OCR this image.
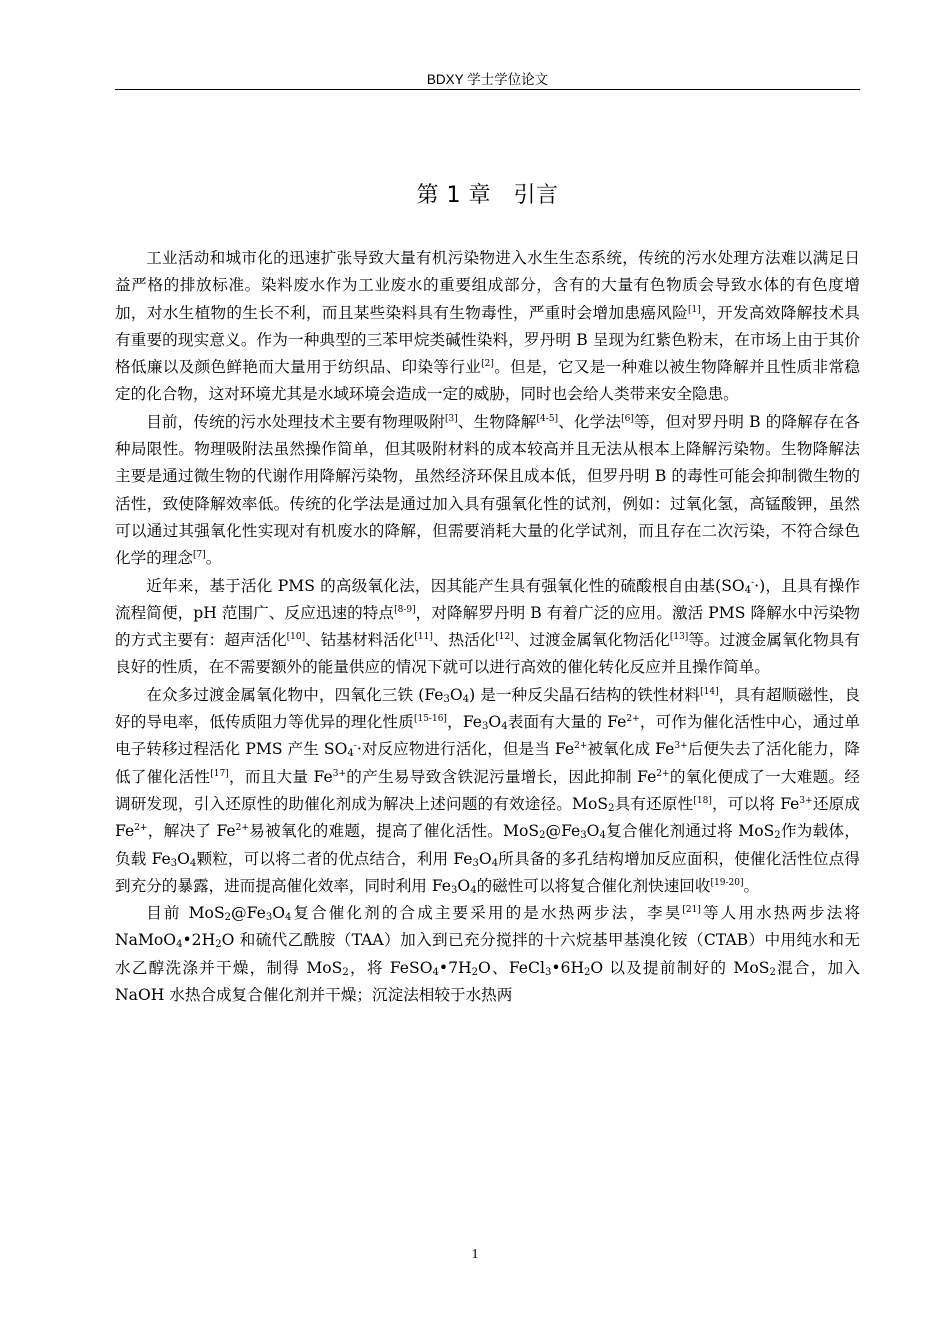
BDXY 学士学位论文
第 1 章　引言

工业活动和城市化的迅速扩张导致大量有机污染物进入水生生态系统，传统的污水处理方法难以满足日益严格的排放标准。染料废水作为工业废水的重要组成部分，含有的大量有色物质会导致水体的有色度增加，对水生植物的生长不利，而且某些染料具有生物毒性，严重时会增加患癌风险[1]，开发高效降解技术具有重要的现实意义。作为一种典型的三苯甲烷类碱性染料，罗丹明 B 呈现为红紫色粉末，在市场上由于其价格低廉以及颜色鲜艳而大量用于纺织品、印染等行业[2]。但是，它又是一种难以被生物降解并且性质非常稳定的化合物，这对环境尤其是水域环境会造成一定的威胁，同时也会给人类带来安全隐患。

目前，传统的污水处理技术主要有物理吸附[3]、生物降解[4-5]、化学法[6]等，但对罗丹明 B 的降解存在各种局限性。物理吸附法虽然操作简单，但其吸附材料的成本较高并且无法从根本上降解污染物。生物降解法主要是通过微生物的代谢作用降解污染物，虽然经济环保且成本低，但罗丹明 B 的毒性可能会抑制微生物的活性，致使降解效率低。传统的化学法是通过加入具有强氧化性的试剂，例如：过氧化氢，高锰酸钾，虽然可以通过其强氧化性实现对有机废水的降解，但需要消耗大量的化学试剂，而且存在二次污染，不符合绿色化学的理念[7]。

近年来，基于活化 PMS 的高级氧化法，因其能产生具有强氧化性的硫酸根自由基$(SO_4^-\cdot)$，且具有操作流程简便，pH 范围广、反应迅速的特点[8-9]，对降解罗丹明 B 有着广泛的应用。激活 PMS 降解水中污染物的方式主要有：超声活化[10]、钴基材料活化[11]、热活化[12]、过渡金属氧化物活化[13]等。过渡金属氧化物具有良好的性质，在不需要额外的能量供应的情况下就可以进行高效的催化转化反应并且操作简单。

在众多过渡金属氧化物中，四氧化三铁 $(Fe_3O_4)$ 是一种反尖晶石结构的铁性材料[14]，具有超顺磁性，良好的导电率，低传质阻力等优异的理化性质[15-16]，$Fe_3O_4$表面有大量的 $Fe^{2+}$，可作为催化活性中心，通过单电子转移过程活化 PMS 产生 $SO_4^-\cdot$对反应物进行活化，但是当 $Fe^{2+}$被氧化成 $Fe^{3+}$后便失去了活化能力，降低了催化活性[17]，而且大量 $Fe^{3+}$的产生易导致含铁泥污量增长，因此抑制 $Fe^{2+}$的氧化便成了一大难题。经调研发现，引入还原性的助催化剂成为解决上述问题的有效途径。MoS$_2$具有还原性[18]，可以将 $Fe^{3+}$还原成 $Fe^{2+}$，解决了 $Fe^{2+}$易被氧化的难题，提高了催化活性。$MoS_2@Fe_3O_4$复合催化剂通过将 MoS$_2$作为载体，负载 $Fe_3O_4$颗粒，可以将二者的优点结合，利用 $Fe_3O_4$所具备的多孔结构增加反应面积，使催化活性位点得到充分的暴露，进而提高催化效率，同时利用 $Fe_3O_4$的磁性可以将复合催化剂快速回收[19-20]。

目前 $MoS_2@Fe_3O_4$复合催化剂的合成主要采用的是水热两步法，李昊[21]等人用水热两步法将 $NaMoO_4•2H_2O$ 和硫代乙酰胺（TAA）加入到已充分搅拌的十六烷基甲基溴化铵（CTAB）中用纯水和无水乙醇洗涤并干燥，制得 MoS$_2$，将 $FeSO_4•7H_2O$、$FeCl_3•6H_2O$ 以及提前制好的 MoS$_2$混合，加入 NaOH 水热合成复合催化剂并干燥；沉淀法相较于水热两

1
